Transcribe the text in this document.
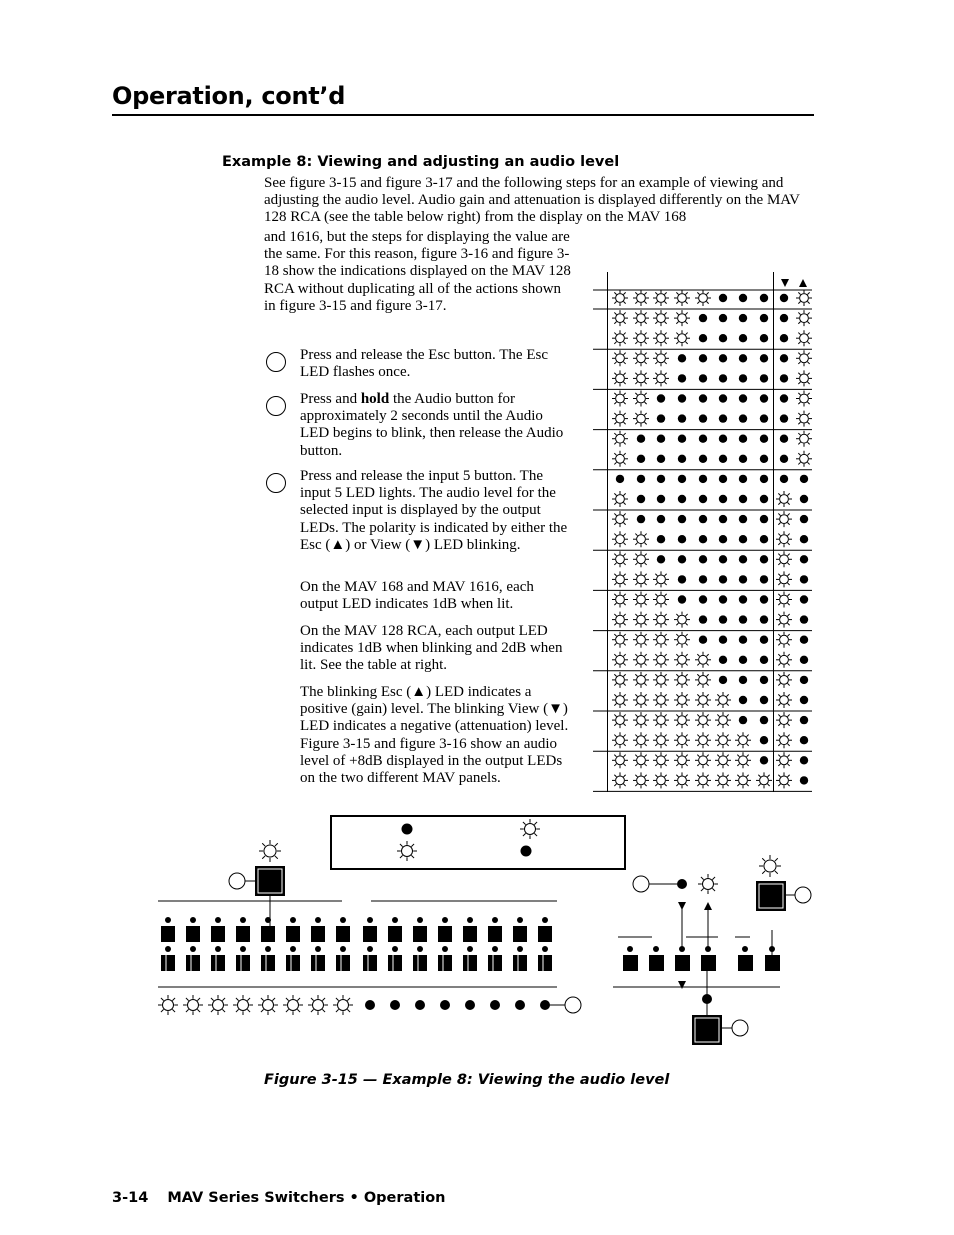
Operation, cont’d
Example 8: Viewing and adjusting an audio level

See figure 3-15 and figure 3-17 and the following steps for an example of viewing and adjusting the audio level. Audio gain and attenuation is displayed differently on the MAV 128 RCA (see the table below right) from the display on the MAV 168

and 1616, but the steps for displaying the value are the same. For this reason, figure 3-16 and figure 3-18 show the indications displayed on the MAV 128 RCA without duplicating all of the actions shown in figure 3-15 and figure 3-17.

Press and release the Esc button. The Esc LED flashes once.

Press and hold the Audio button for approximately 2 seconds until the Audio LED begins to blink, then release the Audio button.

Press and release the input 5 button. The input 5 LED lights. The audio level for the selected input is displayed by the output LEDs. The polarity is indicated by either the Esc (▲) or View (▼) LED blinking.

On the MAV 168 and MAV 1616, each output LED indicates 1dB when lit.

On the MAV 128 RCA, each output LED indicates 1dB when blinking and 2dB when lit. See the table at right.

The blinking Esc (▲) LED indicates a positive (gain) level. The blinking View (▼) LED indicates a negative (attenuation) level. Figure 3-15 and figure 3-16 show an audio level of +8dB displayed in the output LEDs on the two different MAV panels.

Figure 3-15 — Example 8: Viewing the audio level
3-14 MAV Series Switchers • Operation
